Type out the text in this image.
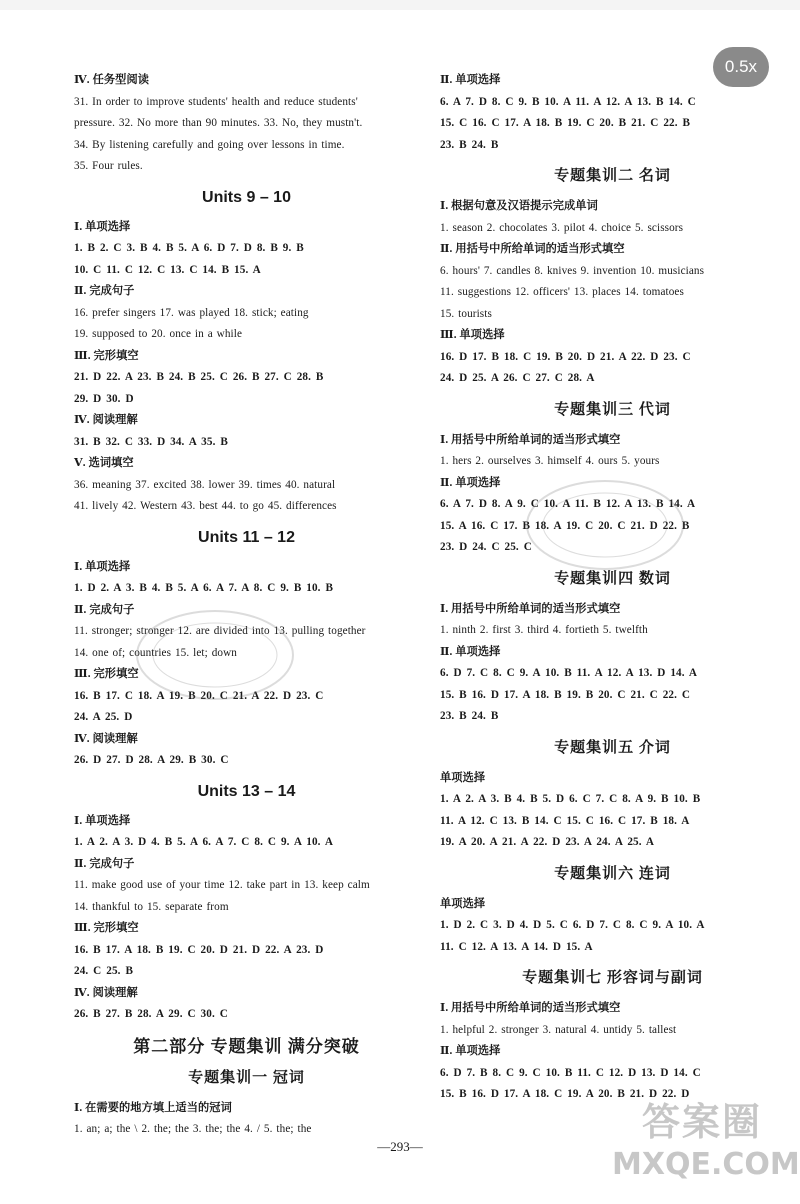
Ⅳ. 任务型阅读
31. In order to improve students' health and reduce students'
pressure. 32. No more than 90 minutes. 33. No, they mustn't.
34. By listening carefully and going over lessons in time.
35. Four rules.
Units 9 – 10
Ⅰ. 单项选择
1. B 2. C 3. B 4. B 5. A 6. D 7. D 8. B 9. B
10. C 11. C 12. C 13. C 14. B 15. A
Ⅱ. 完成句子
16. prefer singers 17. was played 18. stick; eating
19. supposed to 20. once in a while
Ⅲ. 完形填空
21. D 22. A 23. B 24. B 25. C 26. B 27. C 28. B
29. D 30. D
Ⅳ. 阅读理解
31. B 32. C 33. D 34. A 35. B
Ⅴ. 选词填空
36. meaning 37. excited 38. lower 39. times 40. natural
41. lively 42. Western 43. best 44. to go 45. differences
Units 11 – 12
Ⅰ. 单项选择
1. D 2. A 3. B 4. B 5. A 6. A 7. A 8. C 9. B 10. B
Ⅱ. 完成句子
11. stronger; stronger 12. are divided into 13. pulling together
14. one of; countries 15. let; down
Ⅲ. 完形填空
16. B 17. C 18. A 19. B 20. C 21. A 22. D 23. C
24. A 25. D
Ⅳ. 阅读理解
26. D 27. D 28. A 29. B 30. C
Units 13 – 14
Ⅰ. 单项选择
1. A 2. A 3. D 4. B 5. A 6. A 7. C 8. C 9. A 10. A
Ⅱ. 完成句子
11. make good use of your time 12. take part in 13. keep calm
14. thankful to 15. separate from
Ⅲ. 完形填空
16. B 17. A 18. B 19. C 20. D 21. D 22. A 23. D
24. C 25. B
Ⅳ. 阅读理解
26. B 27. B 28. A 29. C 30. C
第二部分 专题集训 满分突破
专题集训一 冠词
Ⅰ. 在需要的地方填上适当的冠词
1. an; a; the \ 2. the; the 3. the; the 4. / 5. the; the
Ⅱ. 单项选择
6. A 7. D 8. C 9. B 10. A 11. A 12. A 13. B 14. C
15. C 16. C 17. A 18. B 19. C 20. B 21. C 22. B
23. B 24. B
专题集训二 名词
Ⅰ. 根据句意及汉语提示完成单词
1. season 2. chocolates 3. pilot 4. choice 5. scissors
Ⅱ. 用括号中所给单词的适当形式填空
6. hours' 7. candles 8. knives 9. invention 10. musicians
11. suggestions 12. officers' 13. places 14. tomatoes
15. tourists
Ⅲ. 单项选择
16. D 17. B 18. C 19. B 20. D 21. A 22. D 23. C
24. D 25. A 26. C 27. C 28. A
专题集训三 代词
Ⅰ. 用括号中所给单词的适当形式填空
1. hers 2. ourselves 3. himself 4. ours 5. yours
Ⅱ. 单项选择
6. A 7. D 8. A 9. C 10. A 11. B 12. A 13. B 14. A
15. A 16. C 17. B 18. A 19. C 20. C 21. D 22. B
23. D 24. C 25. C
专题集训四 数词
Ⅰ. 用括号中所给单词的适当形式填空
1. ninth 2. first 3. third 4. fortieth 5. twelfth
Ⅱ. 单项选择
6. D 7. C 8. C 9. A 10. B 11. A 12. A 13. D 14. A
15. B 16. D 17. A 18. B 19. B 20. C 21. C 22. C
23. B 24. B
专题集训五 介词
单项选择
1. A 2. A 3. B 4. B 5. D 6. C 7. C 8. A 9. B 10. B
11. A 12. C 13. B 14. C 15. C 16. C 17. B 18. A
19. A 20. A 21. A 22. D 23. A 24. A 25. A
专题集训六 连词
单项选择
1. D 2. C 3. D 4. D 5. C 6. D 7. C 8. C 9. A 10. A
11. C 12. A 13. A 14. D 15. A
专题集训七 形容词与副词
Ⅰ. 用括号中所给单词的适当形式填空
1. helpful 2. stronger 3. natural 4. untidy 5. tallest
Ⅱ. 单项选择
6. D 7. B 8. C 9. C 10. B 11. C 12. D 13. D 14. C
15. B 16. D 17. A 18. C 19. A 20. B 21. D 22. D
0.5x
—293—
答案圈
MXQE.COM
